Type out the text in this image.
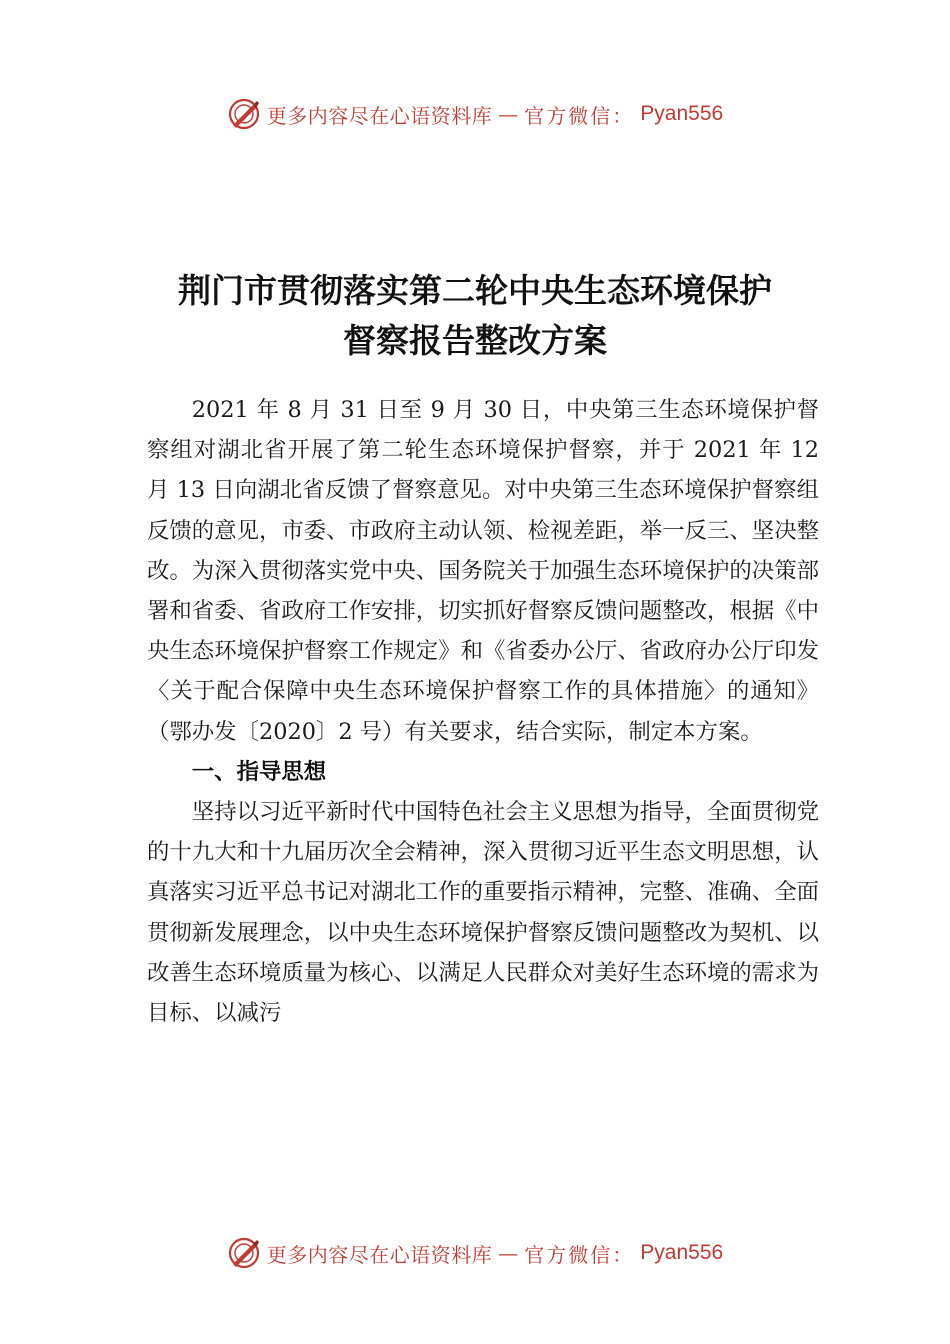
更多内容尽在心语资料库 — 官方微信： Pyan556
荆门市贯彻落实第二轮中央生态环境保护
督察报告整改方案

2021 年 8 月 31 日至 9 月 30 日，中央第三生态环境保护督察组对湖北省开展了第二轮生态环境保护督察，并于 2021 年 12 月 13 日向湖北省反馈了督察意见。对中央第三生态环境保护督察组反馈的意见，市委、市政府主动认领、检视差距，举一反三、坚决整改。为深入贯彻落实党中央、国务院关于加强生态环境保护的决策部署和省委、省政府工作安排，切实抓好督察反馈问题整改，根据《中央生态环境保护督察工作规定》和《省委办公厅、省政府办公厅印发〈关于配合保障中央生态环境保护督察工作的具体措施〉的通知》（鄂办发〔2020〕2 号）有关要求，结合实际，制定本方案。

一、指导思想

坚持以习近平新时代中国特色社会主义思想为指导，全面贯彻党的十九大和十九届历次全会精神，深入贯彻习近平生态文明思想，认真落实习近平总书记对湖北工作的重要指示精神，完整、准确、全面贯彻新发展理念，以中央生态环境保护督察反馈问题整改为契机、以改善生态环境质量为核心、以满足人民群众对美好生态环境的需求为目标、以减污

更多内容尽在心语资料库 — 官方微信： Pyan556
